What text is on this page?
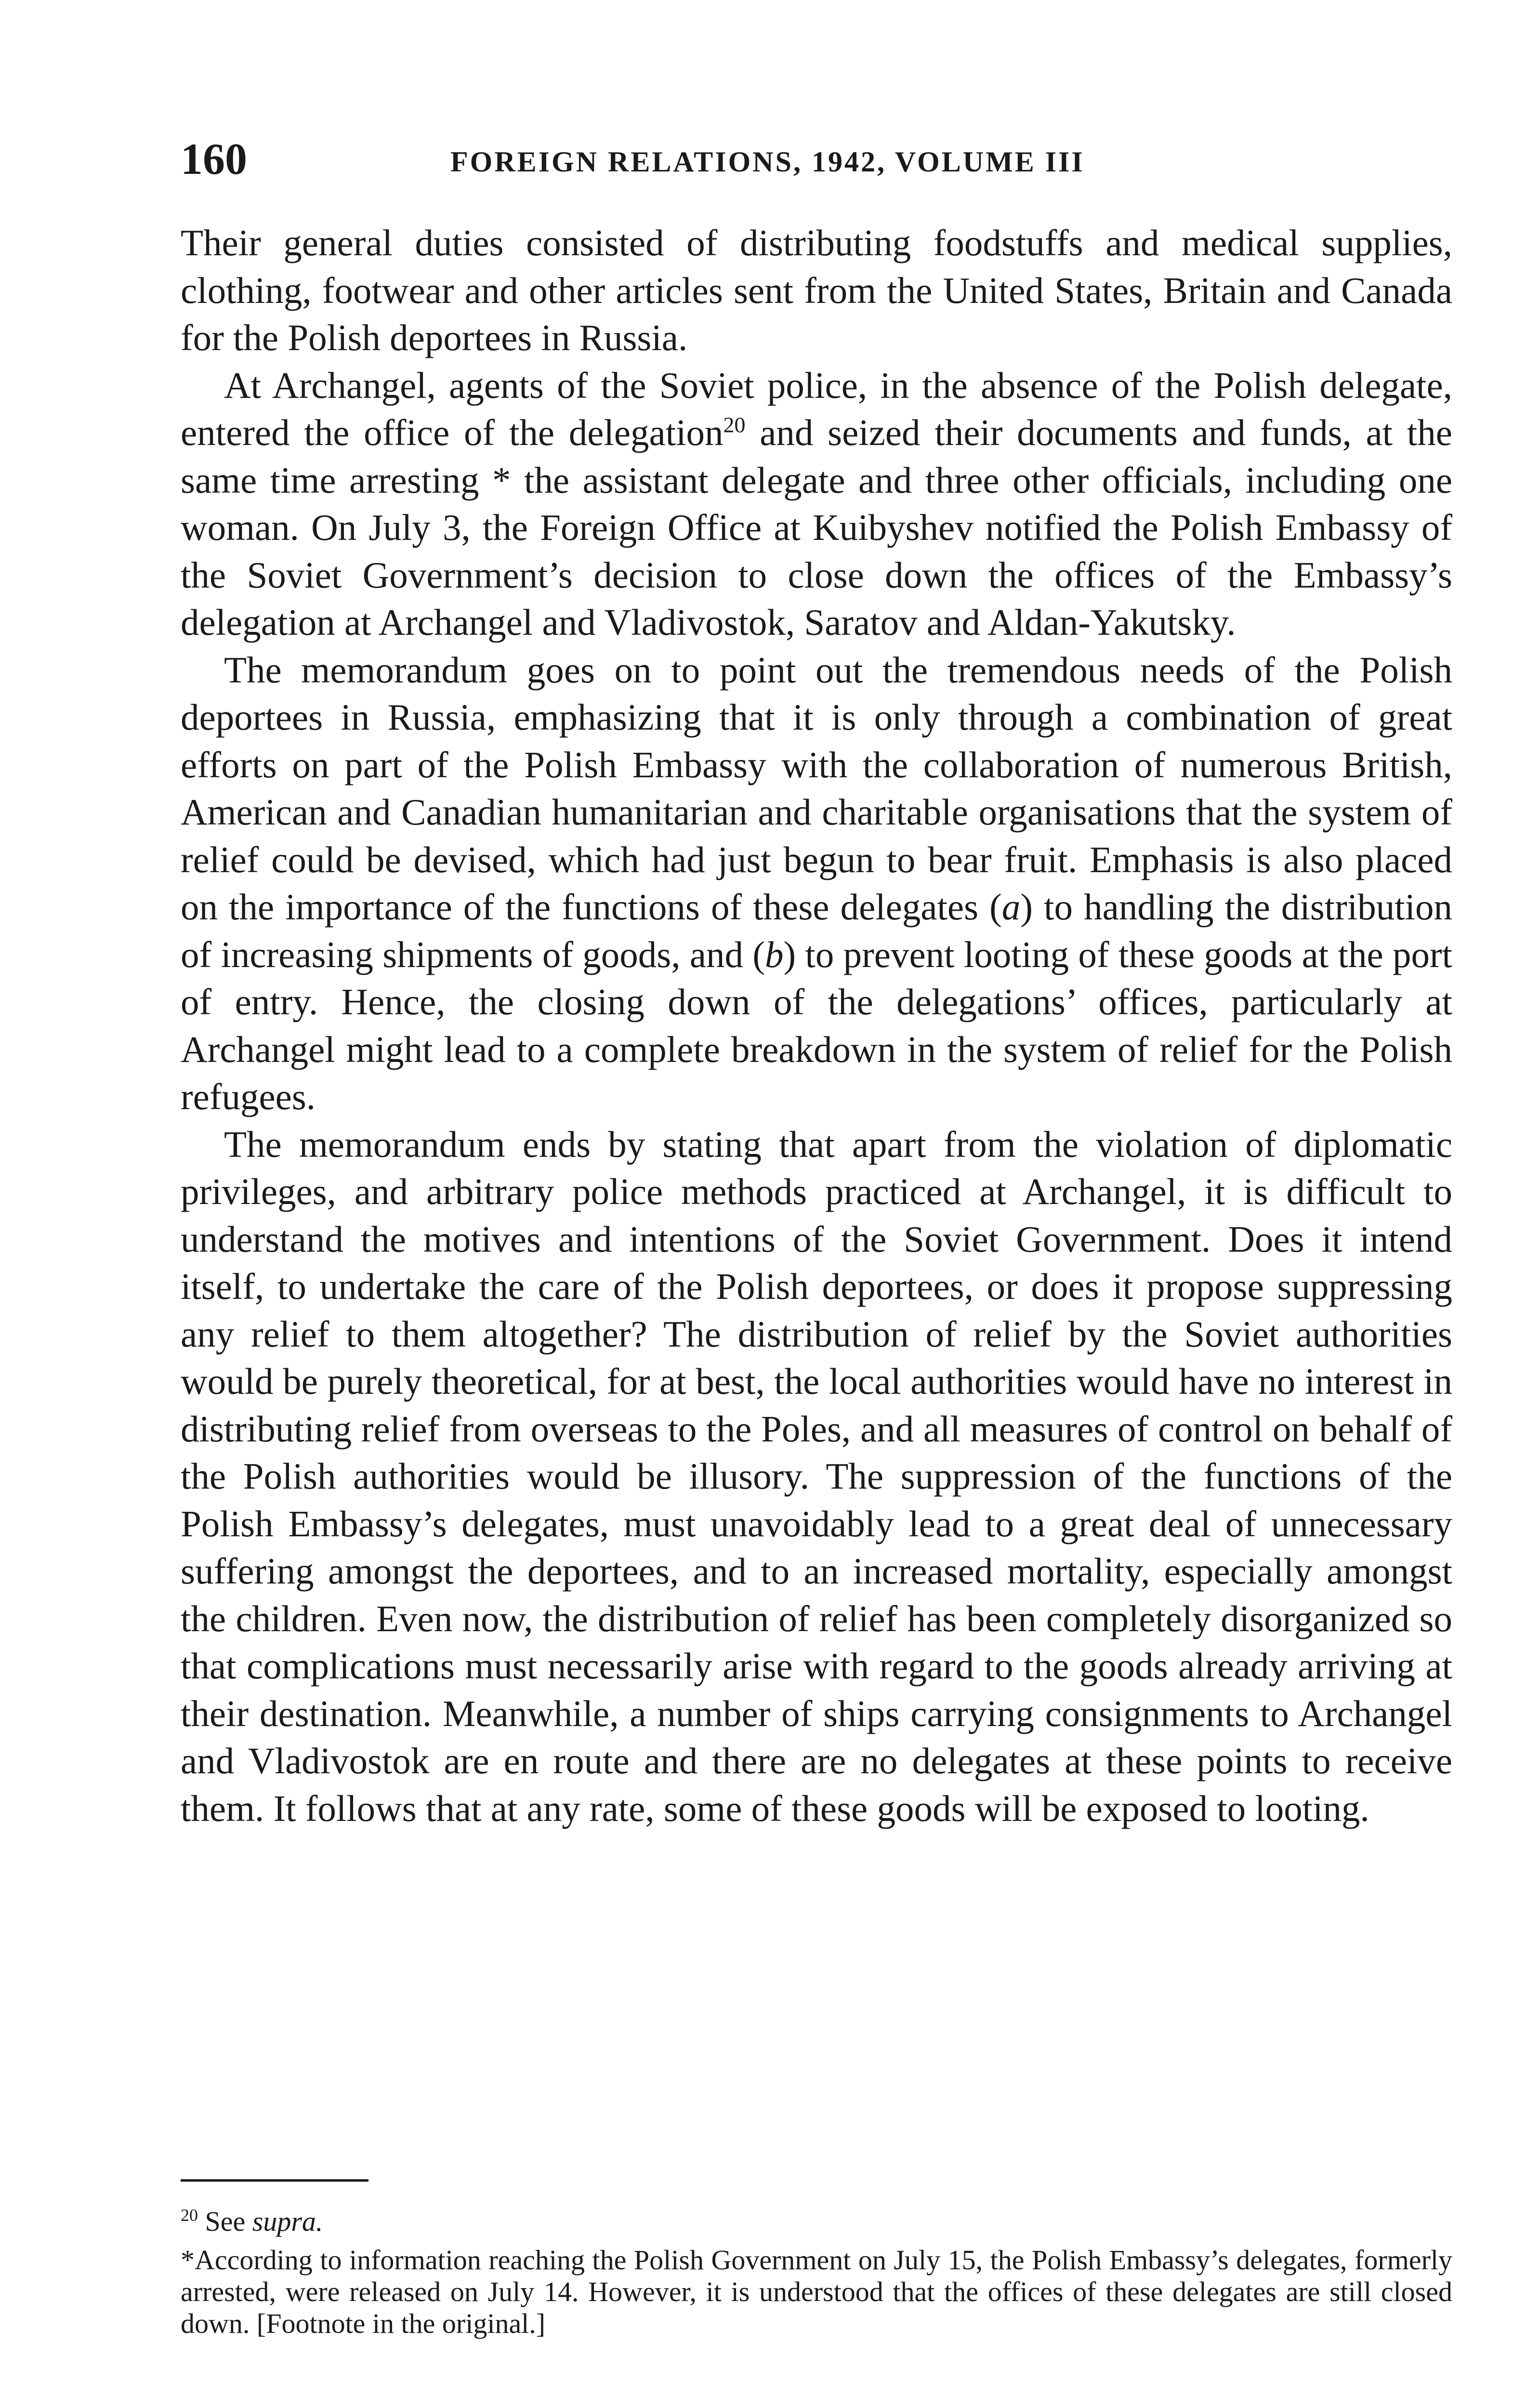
160	FOREIGN RELATIONS, 1942, VOLUME III

Their general duties consisted of distributing foodstuffs and medical supplies, clothing, footwear and other articles sent from the United States, Britain and Canada for the Polish deportees in Russia.

At Archangel, agents of the Soviet police, in the absence of the Polish delegate, entered the office of the delegation$^{20}$ and seized their documents and funds, at the same time arresting * the assistant delegate and three other officials, including one woman. On July 3, the Foreign Office at Kuibyshev notified the Polish Embassy of the Soviet Government’s decision to close down the offices of the Embassy’s delegation at Archangel and Vladivostok, Saratov and Aldan-Yakutsky.

The memorandum goes on to point out the tremendous needs of the Polish deportees in Russia, emphasizing that it is only through a combination of great efforts on part of the Polish Embassy with the collaboration of numerous British, American and Canadian humanitarian and charitable organisations that the system of relief could be devised, which had just begun to bear fruit. Emphasis is also placed on the importance of the functions of these delegates (a) to handling the distribution of increasing shipments of goods, and (b) to prevent looting of these goods at the port of entry. Hence, the closing down of the delegations’ offices, particularly at Archangel might lead to a complete breakdown in the system of relief for the Polish refugees.

The memorandum ends by stating that apart from the violation of diplomatic privileges, and arbitrary police methods practiced at Archangel, it is difficult to understand the motives and intentions of the Soviet Government. Does it intend itself, to undertake the care of the Polish deportees, or does it propose suppressing any relief to them altogether? The distribution of relief by the Soviet authorities would be purely theoretical, for at best, the local authorities would have no interest in distributing relief from overseas to the Poles, and all measures of control on behalf of the Polish authorities would be illusory. The suppression of the functions of the Polish Embassy’s delegates, must unavoidably lead to a great deal of unnecessary suffering amongst the deportees, and to an increased mortality, especially amongst the children. Even now, the distribution of relief has been completely disorganized so that complications must necessarily arise with regard to the goods already arriving at their destination. Meanwhile, a number of ships carrying consignments to Archangel and Vladivostok are en route and there are no delegates at these points to receive them. It follows that at any rate, some of these goods will be exposed to looting.

$^{20}$ See supra.

*According to information reaching the Polish Government on July 15, the Polish Embassy’s delegates, formerly arrested, were released on July 14. However, it is understood that the offices of these delegates are still closed down. [Footnote in the original.]
